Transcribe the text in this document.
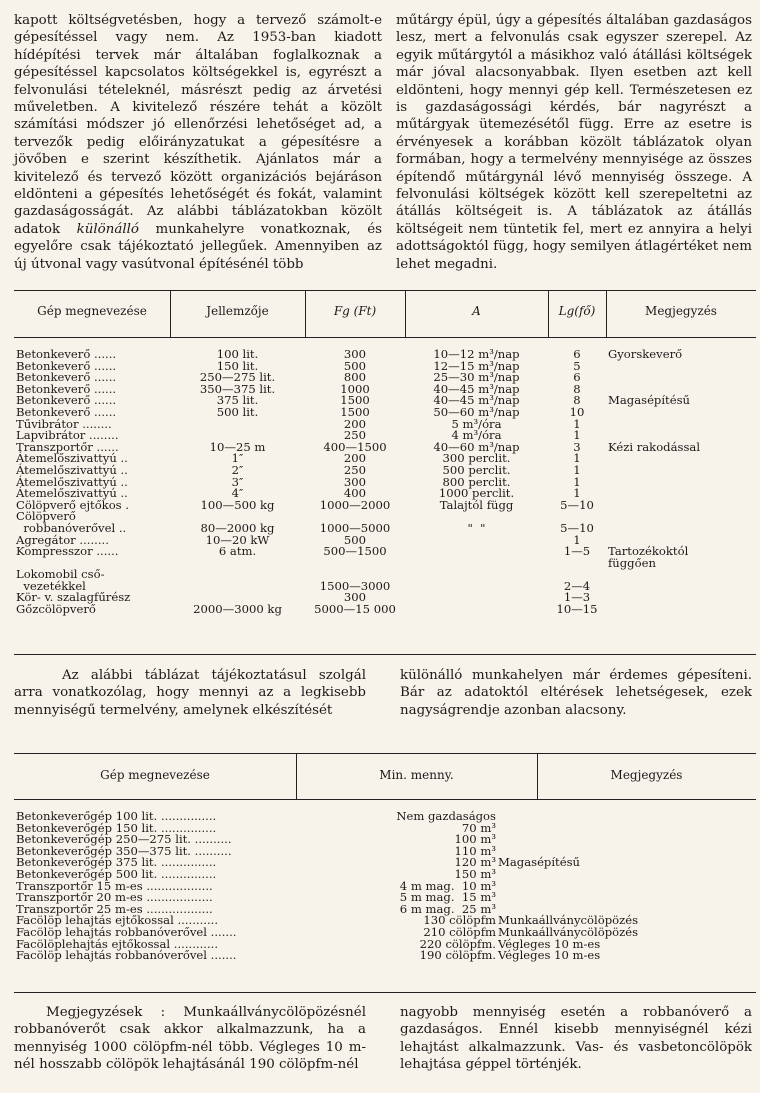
kapott költségvetésben, hogy a tervező számolt-e gépesítéssel vagy nem. Az 1953-ban kiadott hídépítési tervek már általában foglalkoznak a gépesítéssel kapcsolatos költségekkel is, egyrészt a felvonulási tételeknél, másrészt pedig az árvetési műveletben. A kivitelező részére tehát a közölt számítási módszer jó ellenőrzési lehetőséget ad, a tervezők pedig előirányzatukat a gépesítésre a jövőben e szerint készíthetik. Ajánlatos már a kivitelező és tervező között organizációs bejáráson eldönteni a gépesítés lehetőségét és fokát, valamint gazdaságosságát. Az alábbi táblázatokban közölt adatok különálló munkahelyre vonatkoznak, és egyelőre csak tájékoztató jellegűek. Amennyiben az új útvonal vagy vasútvonal építésénél több

műtárgy épül, úgy a gépesítés általában gazdaságos lesz, mert a felvonulás csak egyszer szerepel. Az egyik műtárgytól a másikhoz való átállási költségek már jóval alacsonyabbak. Ilyen esetben azt kell eldönteni, hogy mennyi gép kell. Természetesen ez is gazdaságossági kérdés, bár nagyrészt a műtárgyak ütemezésétől függ. Erre az esetre is érvényesek a korábban közölt táblázatok olyan formában, hogy a termelvény mennyisége az összes építendő műtárgynál lévő mennyiség összege. A felvonulási költségek között kell szerepeltetni az átállás költségeit is. A táblázatok az átállás költségeit nem tüntetik fel, mert ez annyira a helyi adottságoktól függ, hogy semilyen átlagértéket nem lehet megadni.

Gép megnevezése	Jellemzője	Fg (Ft)	A	Lg(fő)	Megjegyzés
Betonkeverő ......	100 lit.	300	10—12 m³/nap	6	Gyorskeverő
Betonkeverő ......	150 lit.	500	12—15 m³/nap	5	
Betonkeverő ......	250—275 lit.	800	25—30 m³/nap	6	
Betonkeverő ......	350—375 lit.	1000	40—45 m³/nap	8	
Betonkeverő ......	375 lit.	1500	40—45 m³/nap	8	Magasépítésű
Betonkeverő ......	500 lit.	1500	50—60 m³/nap	10	
Tűvibrátor ........		200	5 m³/óra	1	
Lapvibrátor ........		250	4 m³/óra	1	
Transzportőr ......	10—25 m	400—1500	40—60 m³/nap	3	Kézi rakodással
Átemelőszivattyú ..	1″	200	300 perclit.	1	
Átemelőszivattyú ..	2″	250	500 perclit.	1	
Átemelőszivattyú ..	3″	300	800 perclit.	1	
Átemelőszivattyú ..	4″	400	1000 perclit.	1	
Cölöpverő ejtőkos .	100—500 kg	1000—2000	Talajtól függ	5—10	
Cölöpverő					
robbanóverővel ..	80—2000 kg	1000—5000	"  "	5—10	
Agregátor ........	10—20 kW	500		1	
Kompresszor ......	6 atm.	500—1500		1—5	Tartozékoktól
					függően
Lokomobil cső-					
vezetékkel		1500—3000		2—4	
Kör- v. szalagfűrész		300		1—3	
Gőzcölöpverő	2000—3000 kg	5000—15 000		10—15	

Az alábbi táblázat tájékoztatásul szolgál arra vonatkozólag, hogy mennyi az a legkisebb mennyiségű termelvény, amelynek elkészítését

különálló munkahelyen már érdemes gépesíteni. Bár az adatoktól eltérések lehetségesek, ezek nagyságrendje azonban alacsony.

Gép megnevezése	Min. menny.	Megjegyzés
Betonkeverőgép 100 lit. ...............	Nem gazdaságos	
Betonkeverőgép 150 lit. ...............	70 m³	
Betonkeverőgép 250—275 lit. ..........	100 m³	
Betonkeverőgép 350—375 lit. ..........	110 m³	
Betonkeverőgép 375 lit. ...............	120 m³	Magasépítésű
Betonkeverőgép 500 lit. ...............	150 m³	
Transzportőr 15 m-es ..................	4 m mag.  10 m³	
Transzportőr 20 m-es ..................	5 m mag.  15 m³	
Transzportőr 25 m-es ..................	6 m mag.  25 m³	
Facölöp lehajtás ejtőkossal ...........	130 cölöpfm	Munkaállványcölöpözés
Facölöp lehajtás robbanóverővel .......	210 cölöpfm	Munkaállványcölöpözés
Facölöplehajtás ejtőkossal ............	220 cölöpfm.	Végleges 10 m-es
Facölöp lehajtás robbanóverővel .......	190 cölöpfm.	Végleges 10 m-es

Megjegyzések : Munkaállványcölöpözésnél robbanóverőt csak akkor alkalmazzunk, ha a mennyiség 1000 cölöpfm-nél több. Végleges 10 m-nél hosszabb cölöpök lehajtásánál 190 cölöpfm-nél

nagyobb mennyiség esetén a robbanóverő a gazdaságos. Ennél kisebb mennyiségnél kézi lehajtást alkalmazzunk. Vas- és vasbetoncölöpök lehajtása géppel történjék.
